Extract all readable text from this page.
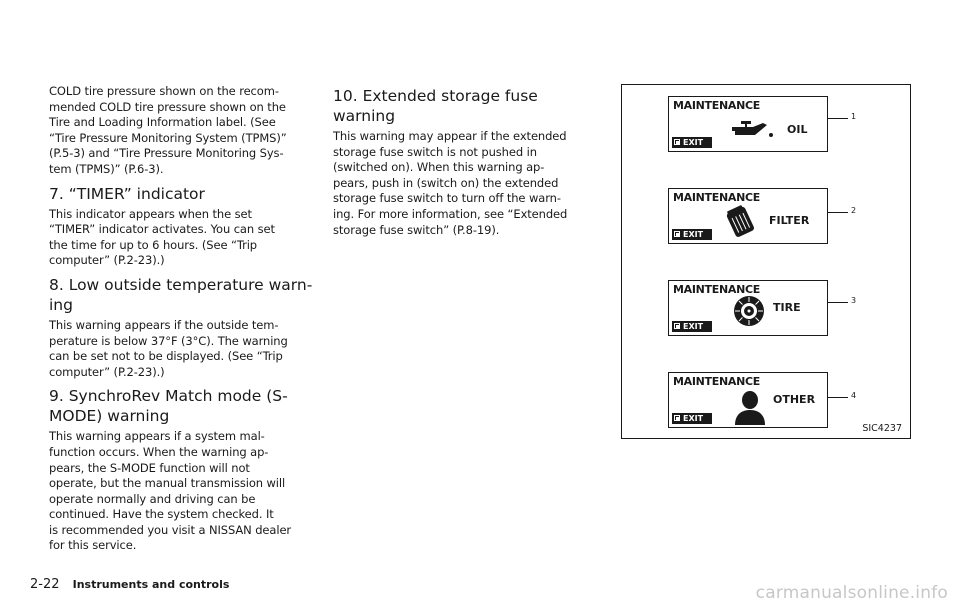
COLD tire pressure shown on the recom-
mended COLD tire pressure shown on the
Tire and Loading Information label. (See
“Tire Pressure Monitoring System (TPMS)”
(P.5-3) and “Tire Pressure Monitoring Sys-
tem (TPMS)” (P.6-3).

7. “TIMER” indicator

This indicator appears when the set
“TIMER” indicator activates. You can set
the time for up to 6 hours. (See “Trip
computer” (P.2-23).)

8. Low outside temperature warn-
ing

This warning appears if the outside tem-
perature is below 37°F (3°C). The warning
can be set not to be displayed. (See “Trip
computer” (P.2-23).)

9. SynchroRev Match mode (S-
MODE) warning

This warning appears if a system mal-
function occurs. When the warning ap-
pears, the S-MODE function will not
operate, but the manual transmission will
operate normally and driving can be
continued. Have the system checked. It
is recommended you visit a NISSAN dealer
for this service.

10. Extended storage fuse warning

This warning may appear if the extended
storage fuse switch is not pushed in
(switched on). When this warning ap-
pears, push in (switch on) the extended
storage fuse switch to turn off the warn-
ing. For more information, see “Extended
storage fuse switch” (P.8-19).

MAINTENANCE
OIL
EXIT
1
MAINTENANCE
FILTER
EXIT
2
MAINTENANCE
TIRE
EXIT
3
MAINTENANCE
OTHER
EXIT
4
SIC4237
2-22 Instruments and controls	carmanualsonline.info
